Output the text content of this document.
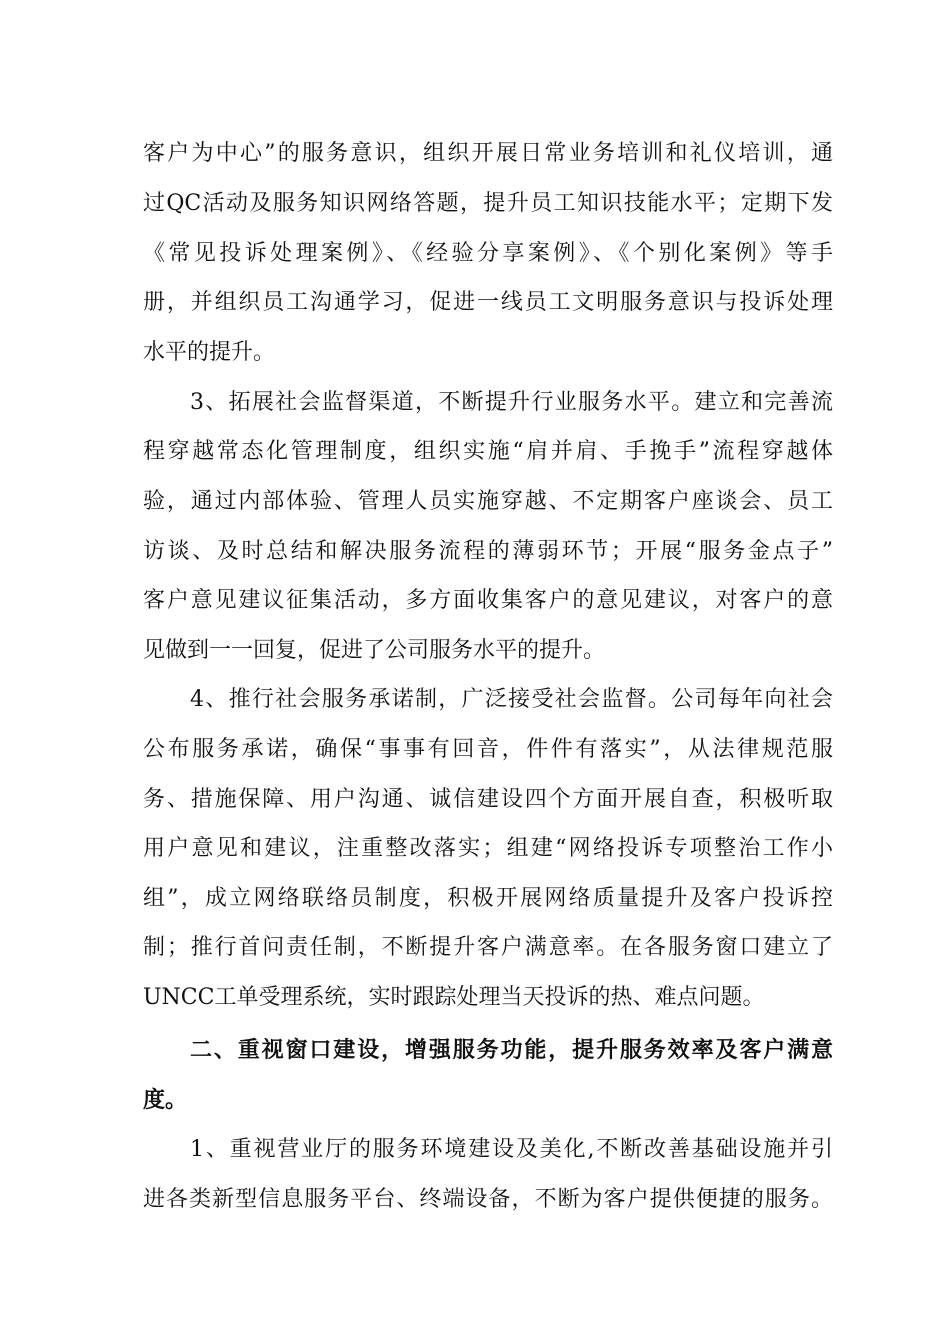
客户为中心”的服务意识，组织开展日常业务培训和礼仪培训，通
过QC活动及服务知识网络答题，提升员工知识技能水平；定期下发
《常见投诉处理案例》、《经验分享案例》、《个别化案例》等手
册，并组织员工沟通学习，促进一线员工文明服务意识与投诉处理
水平的提升。
3、拓展社会监督渠道，不断提升行业服务水平。建立和完善流
程穿越常态化管理制度，组织实施“肩并肩、手挽手”流程穿越体
验，通过内部体验、管理人员实施穿越、不定期客户座谈会、员工
访谈、及时总结和解决服务流程的薄弱环节；开展“服务金点子”
客户意见建议征集活动，多方面收集客户的意见建议，对客户的意
见做到一一回复，促进了公司服务水平的提升。
4、推行社会服务承诺制，广泛接受社会监督。公司每年向社会
公布服务承诺，确保“事事有回音，件件有落实”，从法律规范服
务、措施保障、用户沟通、诚信建设四个方面开展自查，积极听取
用户意见和建议，注重整改落实；组建“网络投诉专项整治工作小
组”，成立网络联络员制度，积极开展网络质量提升及客户投诉控
制；推行首问责任制，不断提升客户满意率。在各服务窗口建立了
UNCC工单受理系统，实时跟踪处理当天投诉的热、难点问题。
二、重视窗口建设，增强服务功能，提升服务效率及客户满意
度。
1、重视营业厅的服务环境建设及美化,不断改善基础设施并引
进各类新型信息服务平台、终端设备，不断为客户提供便捷的服务。
